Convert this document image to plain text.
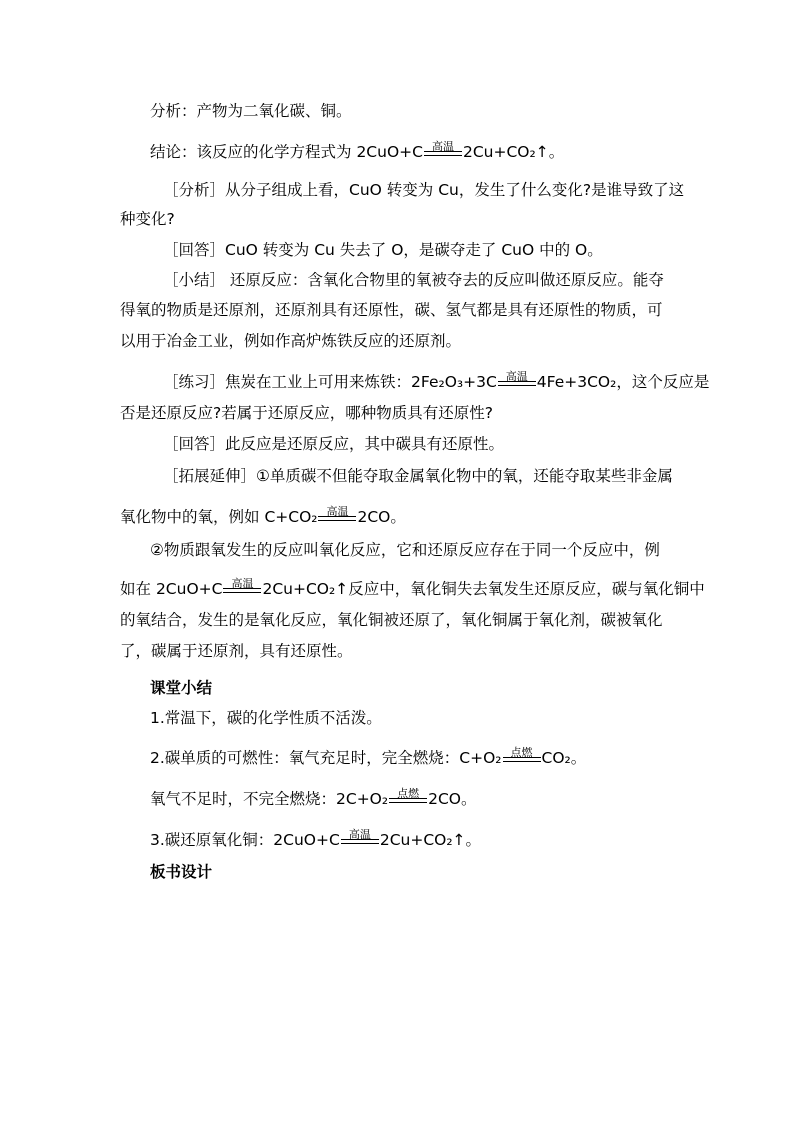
分析：产物为二氧化碳、铜。
结论：该反应的化学方程式为 2CuO+C 高温 2Cu+CO₂↑。
［分析］从分子组成上看，CuO 转变为 Cu，发生了什么变化?是谁导致了这
种变化?
［回答］CuO 转变为 Cu 失去了 O，是碳夺走了 CuO 中的 O。
［小结］ 还原反应：含氧化合物里的氧被夺去的反应叫做还原反应。能夺
得氧的物质是还原剂，还原剂具有还原性，碳、氢气都是具有还原性的物质，可
以用于冶金工业，例如作高炉炼铁反应的还原剂。
［练习］焦炭在工业上可用来炼铁：2Fe₂O₃+3C 高温 4Fe+3CO₂，这个反应是
否是还原反应?若属于还原反应，哪种物质具有还原性?
［回答］此反应是还原反应，其中碳具有还原性。
［拓展延伸］①单质碳不但能夺取金属氧化物中的氧，还能夺取某些非金属
氧化物中的氧，例如 C+CO₂ 高温 2CO。
②物质跟氧发生的反应叫氧化反应，它和还原反应存在于同一个反应中，例
如在 2CuO+C 高温 2Cu+CO₂↑反应中，氧化铜失去氧发生还原反应，碳与氧化铜中
的氧结合，发生的是氧化反应，氧化铜被还原了，氧化铜属于氧化剂，碳被氧化
了，碳属于还原剂，具有还原性。
课堂小结
1.常温下，碳的化学性质不活泼。
2.碳单质的可燃性：氧气充足时，完全燃烧：C+O₂ 点燃 CO₂。
氧气不足时，不完全燃烧：2C+O₂ 点燃 2CO。
3.碳还原氧化铜：2CuO+C 高温 2Cu+CO₂↑。
板书设计
